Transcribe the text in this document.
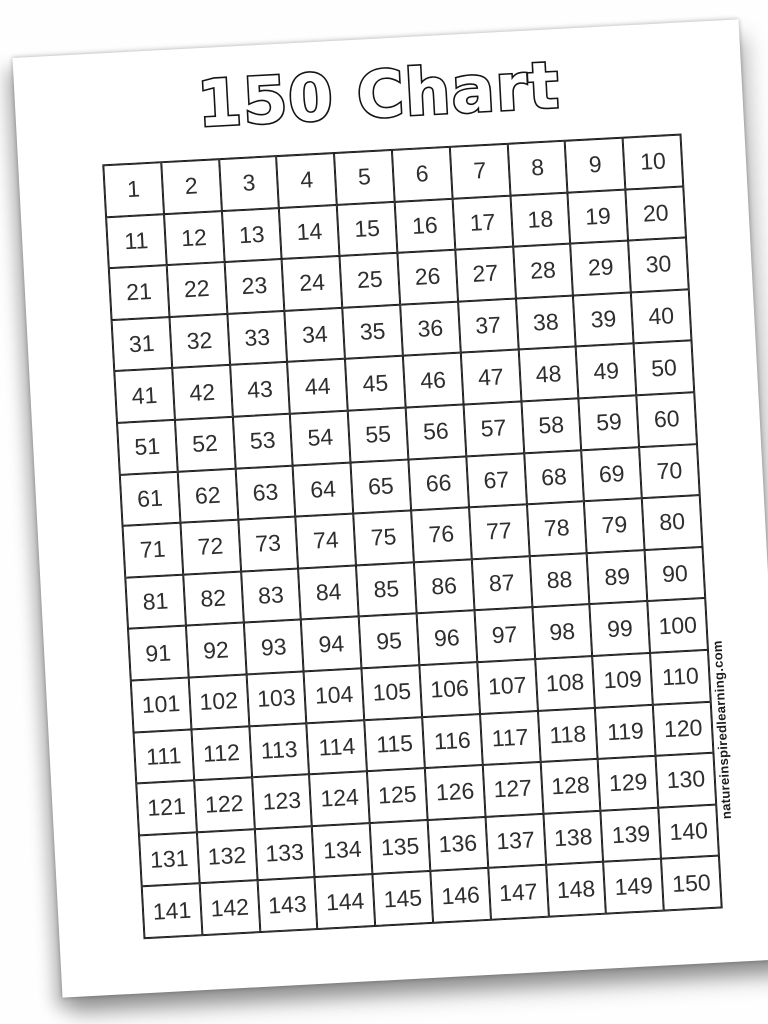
150 Chart
1	2	3	4	5	6	7	8	9	10
11	12	13	14	15	16	17	18	19	20
21	22	23	24	25	26	27	28	29	30
31	32	33	34	35	36	37	38	39	40
41	42	43	44	45	46	47	48	49	50
51	52	53	54	55	56	57	58	59	60
61	62	63	64	65	66	67	68	69	70
71	72	73	74	75	76	77	78	79	80
81	82	83	84	85	86	87	88	89	90
91	92	93	94	95	96	97	98	99	100
101 102 103 104 105 106 107 108 109 110
111 112 113 114 115 116 117 118 119 120
121 122 123 124 125 126 127 128 129 130
131 132 133 134 135 136 137 138 139 140
141 142 143 144 145 146 147 148 149 150
natureinspiredlearning.com
